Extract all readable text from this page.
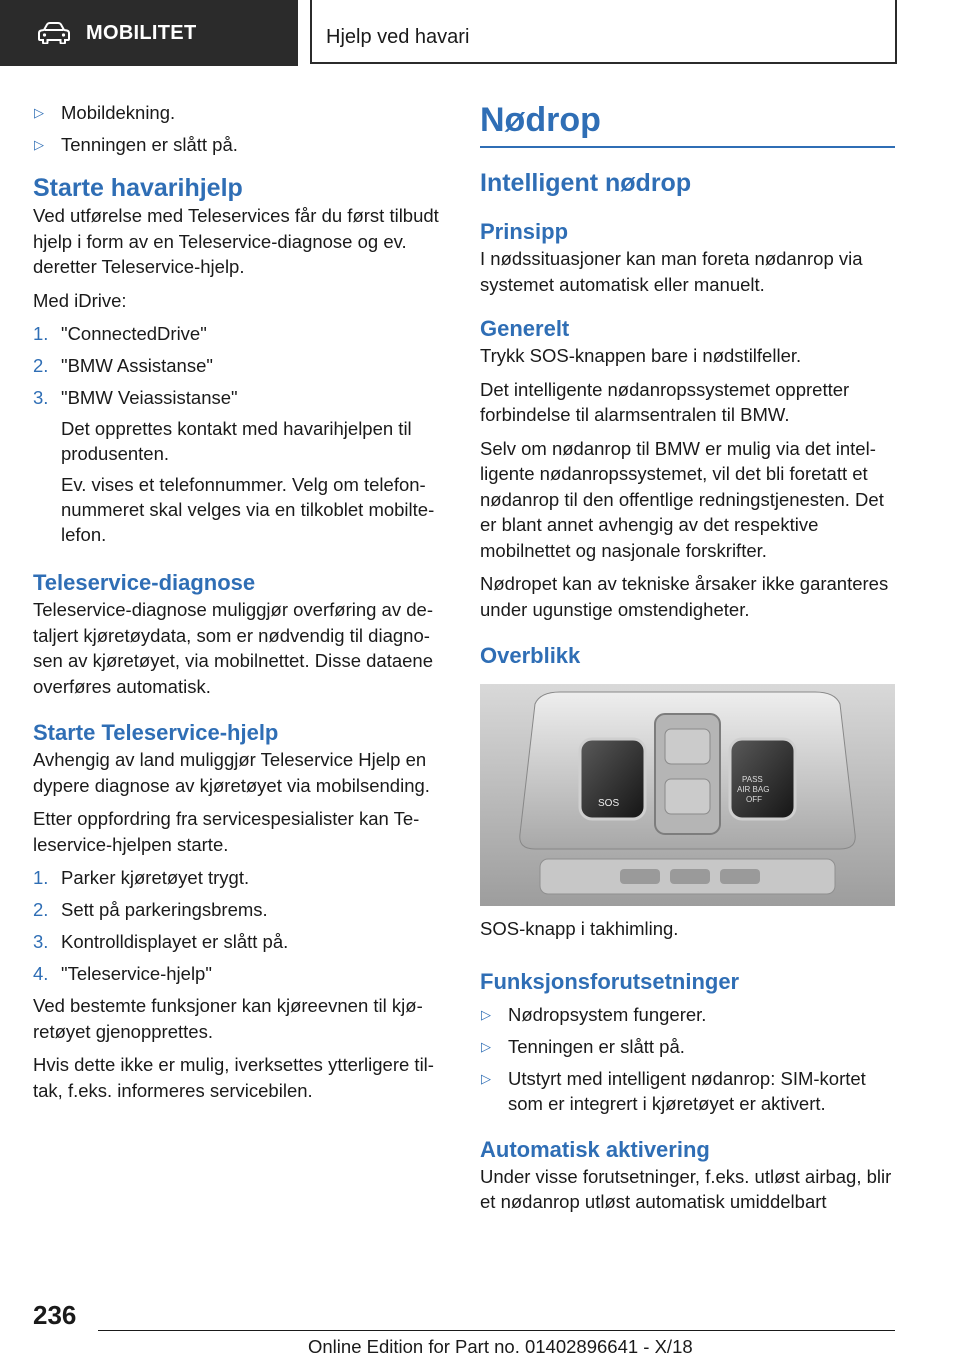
MOBILITET	Hjelp ved havari
▷ Mobildekning.
▷ Tenningen er slått på.
Starte havarihjelp

Ved utførelse med Teleservices får du først tilbudt hjelp i form av en Teleservice-diagnose og ev. deretter Teleservice-hjelp.

Med iDrive:

1. "ConnectedDrive"
2. "BMW Assistanse"
3. "BMW Veiassistanse"
Det opprettes kontakt med havarihjelpen til produsenten.
Ev. vises et telefonnummer. Velg om telefonnummeret skal velges via en tilkoblet mobiltelefon.
Teleservice-diagnose

Teleservice-diagnose muliggjør overføring av detaljert kjøretøydata, som er nødvendig til diagnosen av kjøretøyet, via mobilnettet. Disse dataene overføres automatisk.

Starte Teleservice-hjelp

Avhengig av land muliggjør Teleservice Hjelp en dypere diagnose av kjøretøyet via mobilsending.

Etter oppfordring fra servicespesialister kan Teleservice-hjelpen starte.

1. Parker kjøretøyet trygt.
2. Sett på parkeringsbrems.
3. Kontrolldisplayet er slått på.
4. "Teleservice-hjelp"

Ved bestemte funksjoner kan kjøreevnen til kjøretøyet gjenopprettes.

Hvis dette ikke er mulig, iverksettes ytterligere tiltak, f.eks. informeres servicebilen.

Nødrop
Intelligent nødrop
Prinsipp

I nødssituasjoner kan man foreta nødanrop via systemet automatisk eller manuelt.

Generelt

Trykk SOS-knappen bare i nødstilfeller.

Det intelligente nødanropssystemet oppretter forbindelse til alarmsentralen til BMW.

Selv om nødanrop til BMW er mulig via det intelligente nødanropssystemet, vil det bli foretatt et nødanrop til den offentlige redningstjenesten. Det er blant annet avhengig av det respektive mobilnettet og nasjonale forskrifter.

Nødropet kan av tekniske årsaker ikke garanteres under ugunstige omstendigheter.

Overblikk
SOS
PASS
AIR BAG
OFF

SOS-knapp i takhimling.

Funksjonsforutsetninger
▷ Nødropsystem fungerer.
▷ Tenningen er slått på.
▷ Utstyrt med intelligent nødanrop: SIM-kortet som er integrert i kjøretøyet er aktivert.
Automatisk aktivering

Under visse forutsetninger, f.eks. utløst airbag, blir et nødanrop utløst automatisk umiddelbart

236
Online Edition for Part no. 01402896641 - X/18
